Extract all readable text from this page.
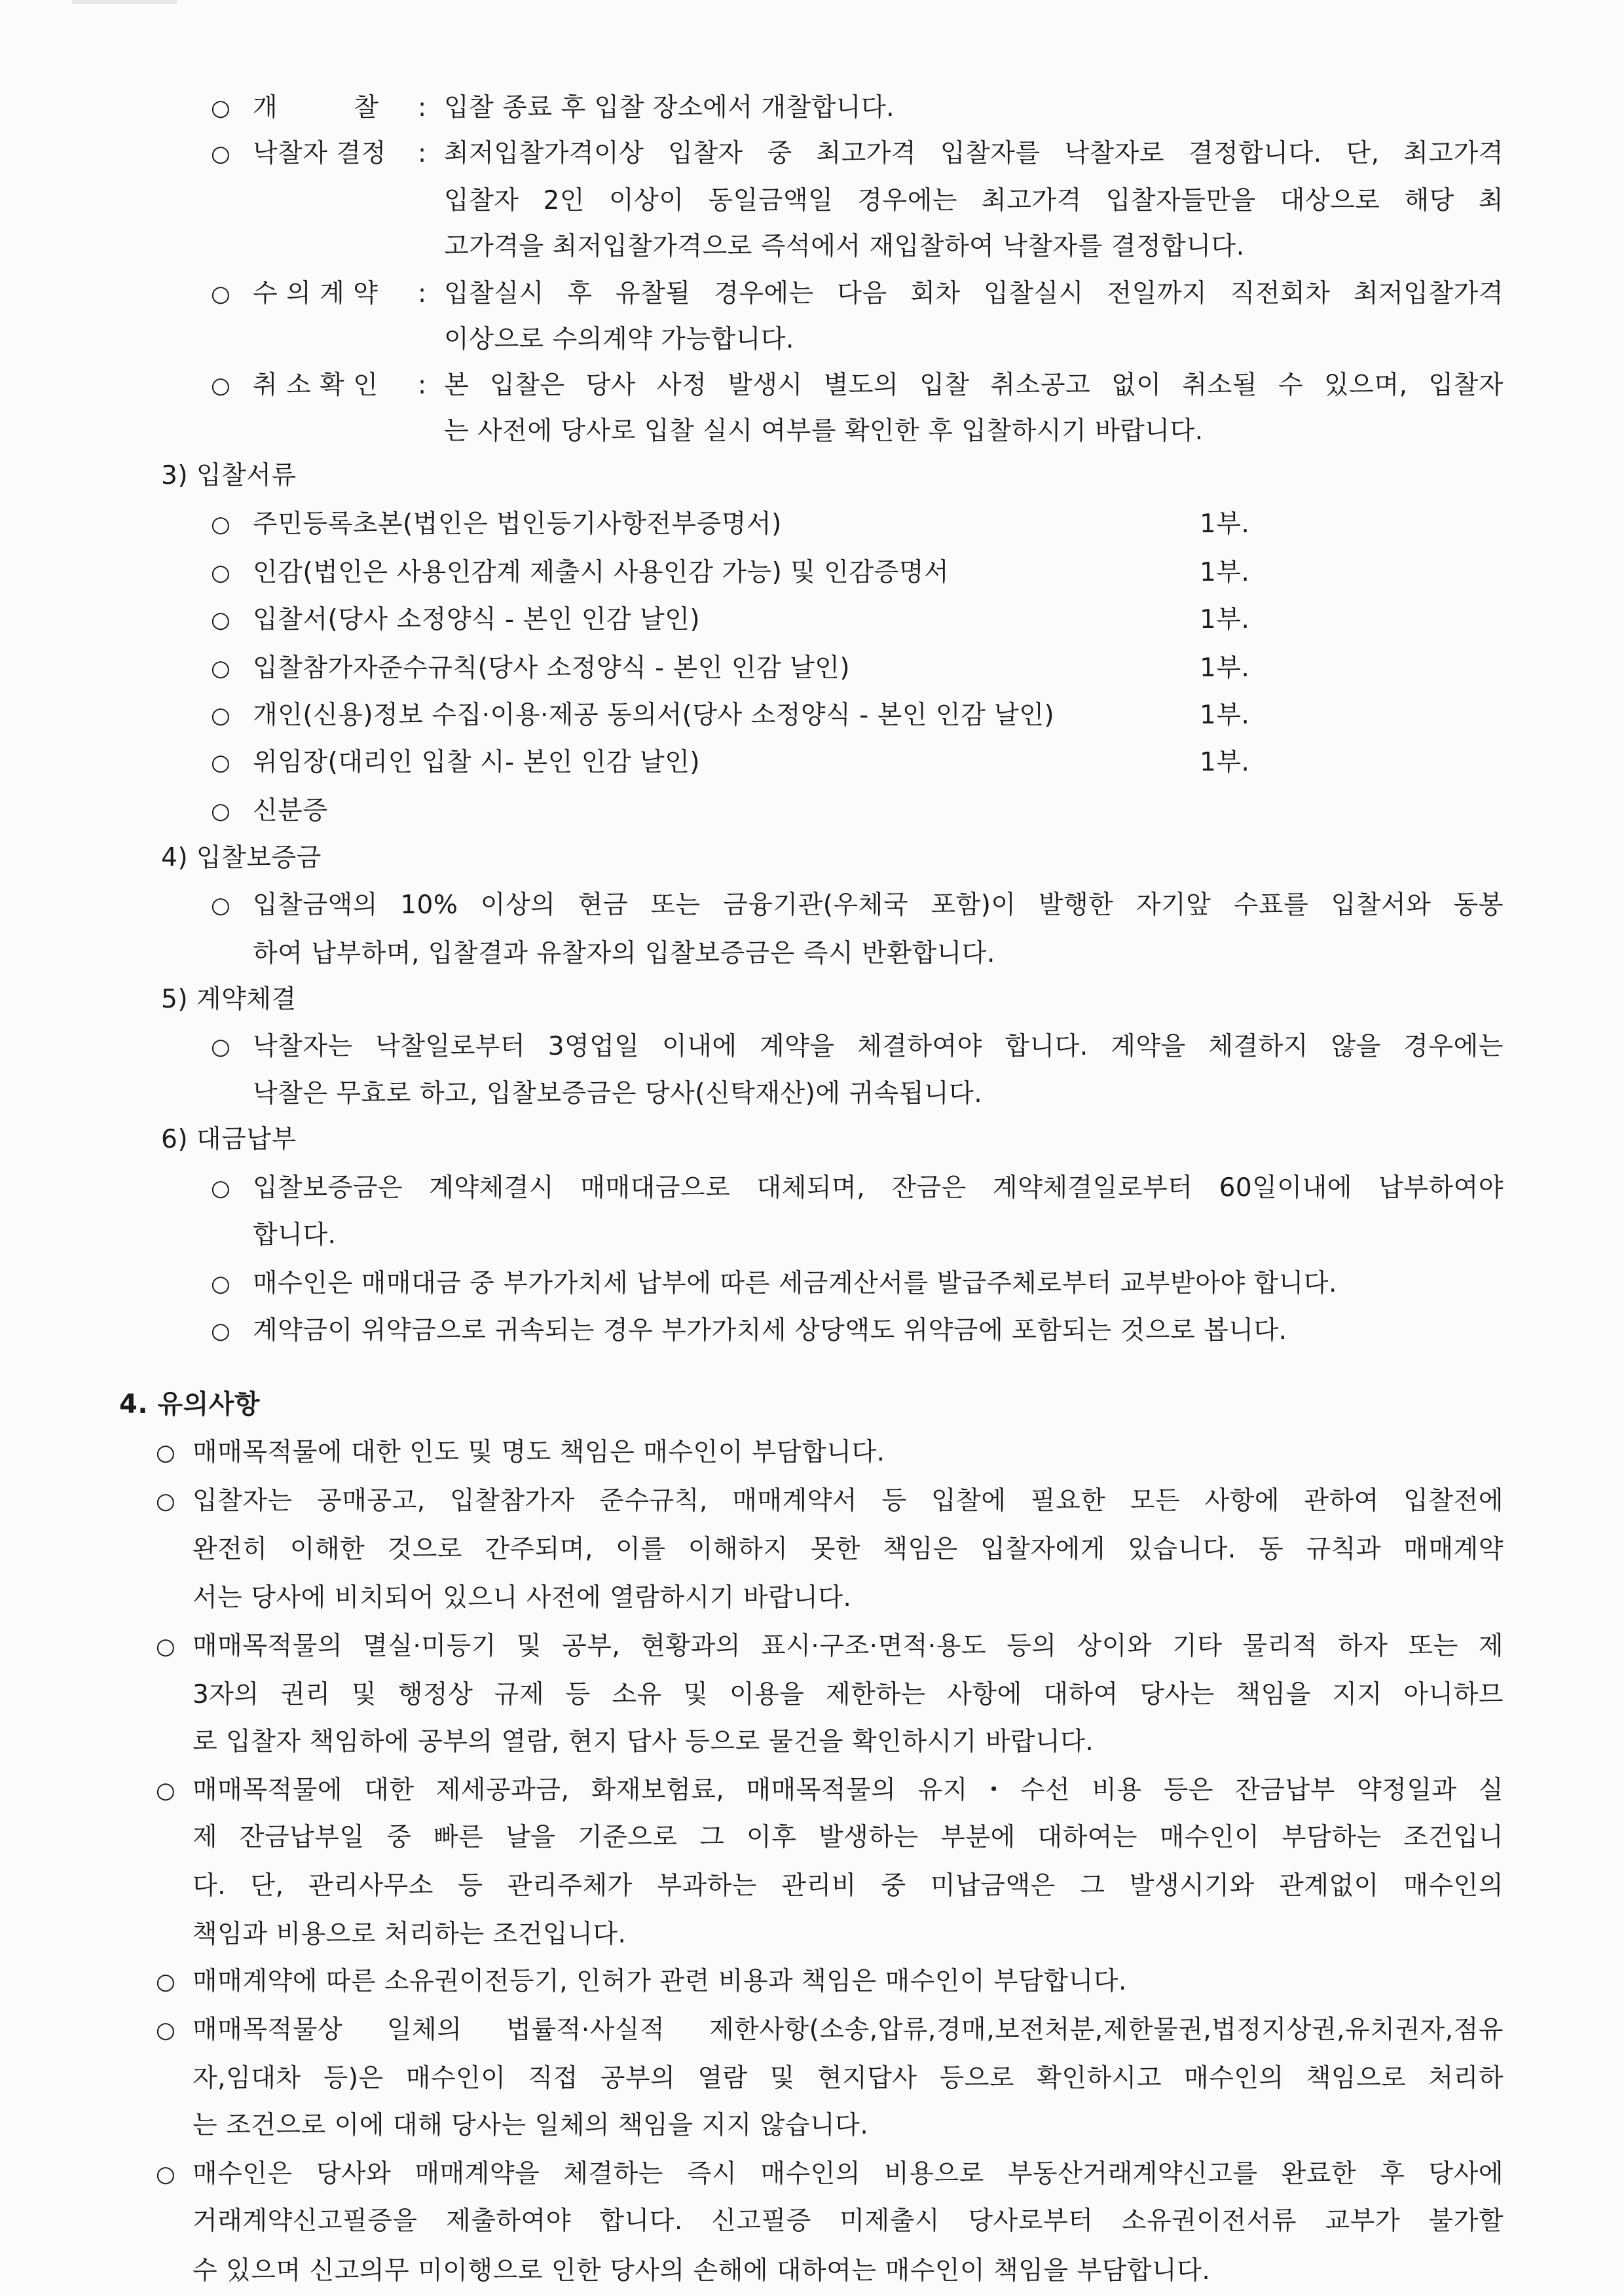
○ 개         찰 : 입찰 종료 후 입찰 장소에서 개찰합니다.
○ 낙찰자 결정 : 최저입찰가격이상 입찰자 중 최고가격 입찰자를 낙찰자로 결정합니다. 단, 최고가격
입찰자 2인 이상이 동일금액일 경우에는 최고가격 입찰자들만을 대상으로 해당 최
고가격을 최저입찰가격으로 즉석에서 재입찰하여 낙찰자를 결정합니다.
○ 수 의 계 약 : 입찰실시 후 유찰될 경우에는 다음 회차 입찰실시 전일까지 직전회차 최저입찰가격
이상으로 수의계약 가능합니다.
○ 취 소 확 인 : 본 입찰은 당사 사정 발생시 별도의 입찰 취소공고 없이 취소될 수 있으며, 입찰자
는 사전에 당사로 입찰 실시 여부를 확인한 후 입찰하시기 바랍니다.
3) 입찰서류
○ 주민등록초본(법인은 법인등기사항전부증명서)	1부.
○ 인감(법인은 사용인감계 제출시 사용인감 가능) 및 인감증명서	1부.
○ 입찰서(당사 소정양식 - 본인 인감 날인)	1부.
○ 입찰참가자준수규칙(당사 소정양식 - 본인 인감 날인)	1부.
○ 개인(신용)정보 수집·이용·제공 동의서(당사 소정양식 - 본인 인감 날인)	1부.
○ 위임장(대리인 입찰 시- 본인 인감 날인)	1부.
○ 신분증
4) 입찰보증금
○ 입찰금액의 10% 이상의 현금 또는 금융기관(우체국 포함)이 발행한 자기앞 수표를 입찰서와 동봉
하여 납부하며, 입찰결과 유찰자의 입찰보증금은 즉시 반환합니다.
5) 계약체결
○ 낙찰자는 낙찰일로부터 3영업일 이내에 계약을 체결하여야 합니다. 계약을 체결하지 않을 경우에는
낙찰은 무효로 하고, 입찰보증금은 당사(신탁재산)에 귀속됩니다.
6) 대금납부
○ 입찰보증금은 계약체결시 매매대금으로 대체되며, 잔금은 계약체결일로부터 60일이내에 납부하여야
합니다.
○ 매수인은 매매대금 중 부가가치세 납부에 따른 세금계산서를 발급주체로부터 교부받아야 합니다.
○ 계약금이 위약금으로 귀속되는 경우 부가가치세 상당액도 위약금에 포함되는 것으로 봅니다.
4. 유의사항
○ 매매목적물에 대한 인도 및 명도 책임은 매수인이 부담합니다.
○ 입찰자는 공매공고, 입찰참가자 준수규칙, 매매계약서 등 입찰에 필요한 모든 사항에 관하여 입찰전에
완전히 이해한 것으로 간주되며, 이를 이해하지 못한 책임은 입찰자에게 있습니다. 동 규칙과 매매계약
서는 당사에 비치되어 있으니 사전에 열람하시기 바랍니다.
○ 매매목적물의 멸실·미등기 및 공부, 현황과의 표시·구조·면적·용도 등의 상이와 기타 물리적 하자 또는 제
3자의 권리 및 행정상 규제 등 소유 및 이용을 제한하는 사항에 대하여 당사는 책임을 지지 아니하므
로 입찰자 책임하에 공부의 열람, 현지 답사 등으로 물건을 확인하시기 바랍니다.
○ 매매목적물에 대한 제세공과금, 화재보험료, 매매목적물의 유지・수선 비용 등은 잔금납부 약정일과 실
제 잔금납부일 중 빠른 날을 기준으로 그 이후 발생하는 부분에 대하여는 매수인이 부담하는 조건입니
다. 단, 관리사무소 등 관리주체가 부과하는 관리비 중 미납금액은 그 발생시기와 관계없이 매수인의
책임과 비용으로 처리하는 조건입니다.
○ 매매계약에 따른 소유권이전등기, 인허가 관련 비용과 책임은 매수인이 부담합니다.
○ 매매목적물상 일체의 법률적·사실적 제한사항(소송,압류,경매,보전처분,제한물권,법정지상권,유치권자,점유
자,임대차 등)은 매수인이 직접 공부의 열람 및 현지답사 등으로 확인하시고 매수인의 책임으로 처리하
는 조건으로 이에 대해 당사는 일체의 책임을 지지 않습니다.
○ 매수인은 당사와 매매계약을 체결하는 즉시 매수인의 비용으로 부동산거래계약신고를 완료한 후 당사에
거래계약신고필증을 제출하여야 합니다. 신고필증 미제출시 당사로부터 소유권이전서류 교부가 불가할
수 있으며 신고의무 미이행으로 인한 당사의 손해에 대하여는 매수인이 책임을 부담합니다.
